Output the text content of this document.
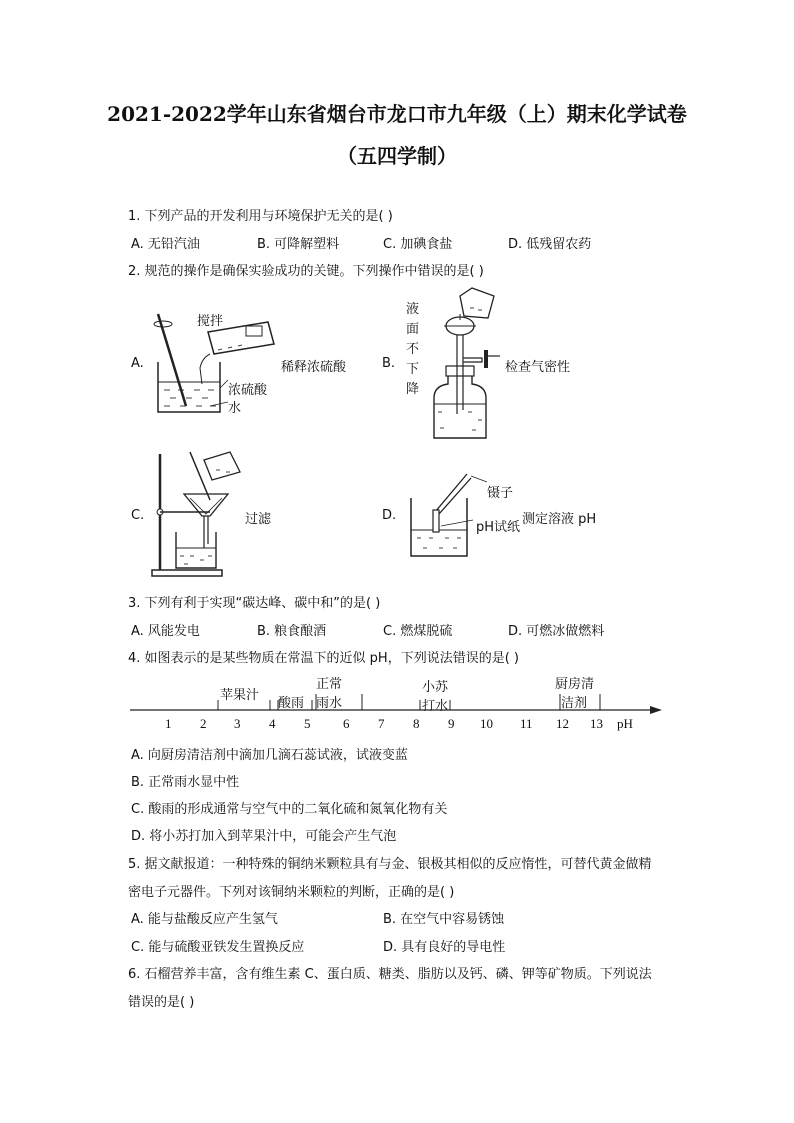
2021-2022学年山东省烟台市龙口市九年级（上）期末化学试卷
（五四学制）
1. 下列产品的开发利用与环境保护无关的是( )
A. 无铅汽油	B. 可降解塑料	C. 加碘食盐	D. 低残留农药
2. 规范的操作是确保实验成功的关键。下列操作中错误的是( )
A.
搅拌
稀释浓硫酸
浓硫酸
水
B.
液
面
不
下
降
检查气密性
C.	过滤	D.
镊子
pH试纸
测定溶液 pH
3. 下列有利于实现“碳达峰、碳中和”的是( )
A. 风能发电	B. 粮食酿酒	C. 燃煤脱硫	D. 可燃冰做燃料
4. 如图表示的是某些物质在常温下的近似 pH，下列说法错误的是( )
苹果汁
酸雨
正常
雨水
小苏
打水
厨房清
洁剂
1 2 3 4 5	6 7 8 9 10 11 12 13 pH
A. 向厨房清洁剂中滴加几滴石蕊试液，试液变蓝
B. 正常雨水显中性
C. 酸雨的形成通常与空气中的二氧化硫和氮氧化物有关
D. 将小苏打加入到苹果汁中，可能会产生气泡
5. 据文献报道：一种特殊的铜纳米颗粒具有与金、银极其相似的反应惰性，可替代黄金做精
密电子元器件。下列对该铜纳米颗粒的判断，正确的是( )
A. 能与盐酸反应产生氢气	B. 在空气中容易锈蚀
C. 能与硫酸亚铁发生置换反应	D. 具有良好的导电性
6. 石榴营养丰富，含有维生素 C、蛋白质、糖类、脂肪以及钙、磷、钾等矿物质。下列说法
错误的是( )
